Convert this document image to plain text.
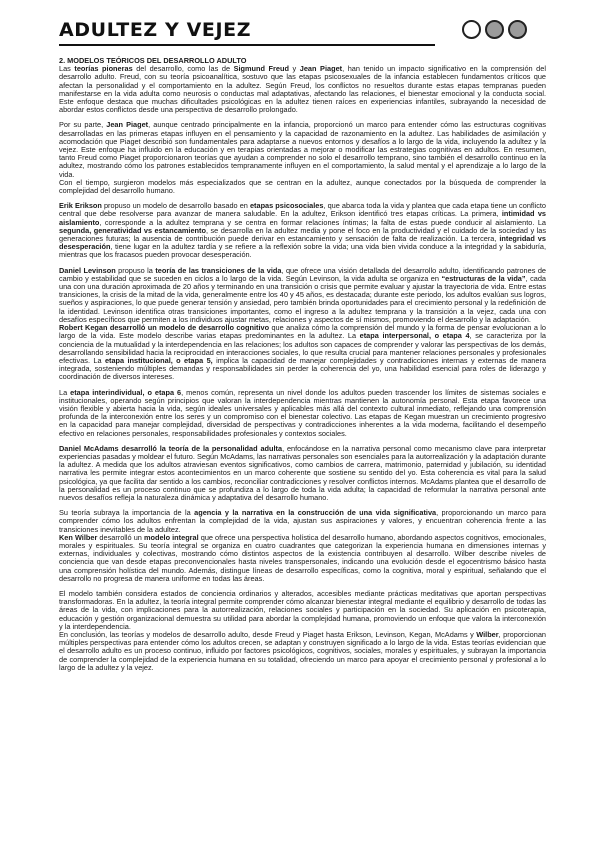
ADULTEZ Y VEJEZ
2. MODELOS TEÓRICOS DEL DESARROLLO ADULTO

Las teorías pioneras del desarrollo, como las de Sigmund Freud y Jean Piaget, han tenido un impacto significativo en la comprensión del desarrollo adulto. Freud, con su teoría psicoanalítica, sostuvo que las etapas psicosexuales de la infancia establecen fundamentos críticos que afectan la personalidad y el comportamiento en la adultez. Según Freud, los conflictos no resueltos durante estas etapas tempranas pueden manifestarse en la vida adulta como neurosis o conductas mal adaptativas, afectando las relaciones, el bienestar emocional y la conducta social. Este enfoque destaca que muchas dificultades psicológicas en la adultez tienen raíces en experiencias infantiles, subrayando la necesidad de abordar estos conflictos desde una perspectiva de desarrollo prolongado.

Por su parte, Jean Piaget, aunque centrado principalmente en la infancia, proporcionó un marco para entender cómo las estructuras cognitivas desarrolladas en las primeras etapas influyen en el pensamiento y la capacidad de razonamiento en la adultez. Las habilidades de asimilación y acomodación que Piaget describió son fundamentales para adaptarse a nuevos entornos y desafíos a lo largo de la vida, incluyendo la adultez y la vejez. Este enfoque ha influido en la educación y en terapias orientadas a mejorar o modificar las estrategias cognitivas en adultos. En resumen, tanto Freud como Piaget proporcionaron teorías que ayudan a comprender no solo el desarrollo temprano, sino también el desarrollo continuo en la adultez, mostrando cómo los patrones establecidos tempranamente influyen en el comportamiento, la salud mental y el aprendizaje a lo largo de la vida.
Con el tiempo, surgieron modelos más especializados que se centran en la adultez, aunque conectados por la búsqueda de comprender la complejidad del desarrollo humano.

Erik Erikson propuso un modelo de desarrollo basado en etapas psicosociales, que abarca toda la vida y plantea que cada etapa tiene un conflicto central que debe resolverse para avanzar de manera saludable. En la adultez, Erikson identificó tres etapas críticas. La primera, intimidad vs aislamiento, corresponde a la adultez temprana y se centra en formar relaciones íntimas; la falta de estas puede conducir al aislamiento. La segunda, generatividad vs estancamiento, se desarrolla en la adultez media y pone el foco en la productividad y el cuidado de la sociedad y las generaciones futuras; la ausencia de contribución puede derivar en estancamiento y sensación de falta de realización. La tercera, integridad vs desesperación, tiene lugar en la adultez tardía y se refiere a la reflexión sobre la vida; una vida bien vivida conduce a la integridad y la sabiduría, mientras que los fracasos pueden provocar desesperación.

Daniel Levinson propuso la teoría de las transiciones de la vida, que ofrece una visión detallada del desarrollo adulto, identificando patrones de cambio y estabilidad que se suceden en ciclos a lo largo de la vida. Según Levinson, la vida adulta se organiza en “estructuras de la vida”, cada una con una duración aproximada de 20 años y terminando en una transición o crisis que permite evaluar y ajustar la trayectoria de vida. Entre estas transiciones, la crisis de la mitad de la vida, generalmente entre los 40 y 45 años, es destacada; durante este periodo, los adultos evalúan sus logros, sueños y aspiraciones, lo que puede generar tensión y ansiedad, pero también brinda oportunidades para el crecimiento personal y la redefinición de la identidad. Levinson identifica otras transiciones importantes, como el ingreso a la adultez temprana y la transición a la vejez, cada una con desafíos específicos que permiten a los individuos ajustar metas, relaciones y aspectos de sí mismos, promoviendo el desarrollo y la adaptación.
Robert Kegan desarrolló un modelo de desarrollo cognitivo que analiza cómo la comprensión del mundo y la forma de pensar evolucionan a lo largo de la vida. Este modelo describe varias etapas predominantes en la adultez. La etapa interpersonal, o etapa 4, se caracteriza por la conciencia de la mutualidad y la interdependencia en las relaciones; los adultos son capaces de comprender y valorar las perspectivas de los demás, desarrollando sensibilidad hacia la reciprocidad en interacciones sociales, lo que resulta crucial para mantener relaciones personales y profesionales efectivas. La etapa institucional, o etapa 5, implica la capacidad de manejar complejidades y contradicciones internas y externas de manera integrada, sosteniendo múltiples demandas y responsabilidades sin perder la coherencia del yo, una habilidad esencial para roles de liderazgo y coordinación de diversos intereses.

La etapa interindividual, o etapa 6, menos común, representa un nivel donde los adultos pueden trascender los límites de sistemas sociales e institucionales, operando según principios que valoran la interdependencia mientras mantienen la autonomía personal. Esta etapa favorece una visión flexible y abierta hacia la vida, según ideales universales y aplicables más allá del contexto cultural inmediato, reflejando una comprensión profunda de la interconexión entre los seres y un compromiso con el bienestar colectivo. Las etapas de Kegan muestran un crecimiento progresivo en la capacidad para manejar complejidad, diversidad de perspectivas y contradicciones inherentes a la vida moderna, facilitando el desempeño efectivo en relaciones personales, responsabilidades profesionales y contextos sociales.

Daniel McAdams desarrolló la teoría de la personalidad adulta, enfocándose en la narrativa personal como mecanismo clave para interpretar experiencias pasadas y moldear el futuro. Según McAdams, las narrativas personales son esenciales para la autorrealización y la adaptación durante la adultez. A medida que los adultos atraviesan eventos significativos, como cambios de carrera, matrimonio, paternidad y jubilación, su identidad narrativa les permite integrar estos acontecimientos en un marco coherente que sostiene su sentido del yo. Esta coherencia es vital para la salud psicológica, ya que facilita dar sentido a los cambios, reconciliar contradicciones y resolver conflictos internos. McAdams plantea que el desarrollo de la personalidad es un proceso continuo que se profundiza a lo largo de toda la vida adulta; la capacidad de reformular la narrativa personal ante nuevos desafíos refleja la naturaleza dinámica y adaptativa del desarrollo humano.

Su teoría subraya la importancia de la agencia y la narrativa en la construcción de una vida significativa, proporcionando un marco para comprender cómo los adultos enfrentan la complejidad de la vida, ajustan sus aspiraciones y valores, y encuentran coherencia frente a las transiciones inevitables de la adultez.
Ken Wilber desarrolló un modelo integral que ofrece una perspectiva holística del desarrollo humano, abordando aspectos cognitivos, emocionales, morales y espirituales. Su teoría integral se organiza en cuatro cuadrantes que categorizan la experiencia humana en dimensiones internas y externas, individuales y colectivas, mostrando cómo distintos aspectos de la existencia contribuyen al desarrollo. Wilber describe niveles de conciencia que van desde etapas preconvencionales hasta niveles transpersonales, indicando una evolución desde el egocentrismo básico hasta una comprensión holística del mundo. Además, distingue líneas de desarrollo específicas, como la cognitiva, moral y espiritual, señalando que el desarrollo no progresa de manera uniforme en todas las áreas.

El modelo también considera estados de conciencia ordinarios y alterados, accesibles mediante prácticas meditativas que aportan perspectivas transformadoras. En la adultez, la teoría integral permite comprender cómo alcanzar bienestar integral mediante el equilibrio y desarrollo de todas las áreas de la vida, con implicaciones para la autorrealización, relaciones sociales y participación en la sociedad. Su aplicación en psicoterapia, educación y gestión organizacional demuestra su utilidad para abordar la complejidad humana, promoviendo un enfoque que valora la interconexión y la interdependencia.
En conclusión, las teorías y modelos de desarrollo adulto, desde Freud y Piaget hasta Erikson, Levinson, Kegan, McAdams y Wilber, proporcionan múltiples perspectivas para entender cómo los adultos crecen, se adaptan y construyen significado a lo largo de la vida. Estas teorías evidencian que el desarrollo adulto es un proceso continuo, influido por factores psicológicos, cognitivos, sociales, morales y espirituales, y subrayan la importancia de comprender la complejidad de la experiencia humana en su totalidad, ofreciendo un marco para apoyar el crecimiento personal y profesional a lo largo de la adultez y la vejez.
